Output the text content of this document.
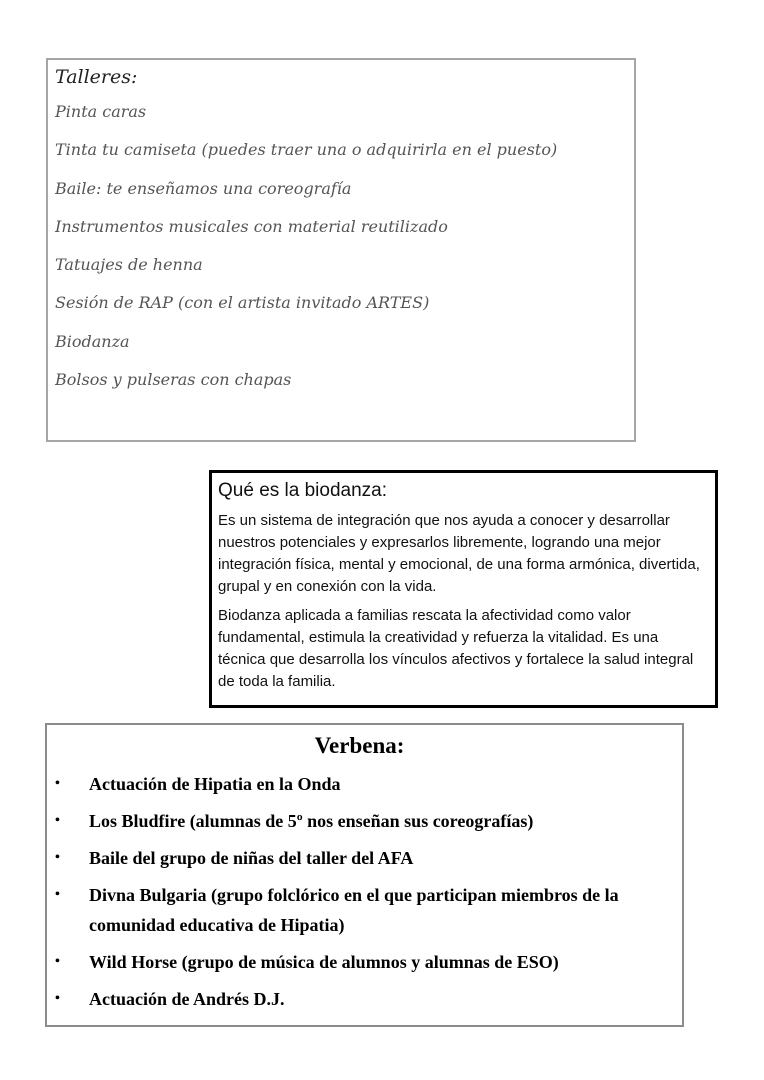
Talleres:
Pinta caras
Tinta tu camiseta (puedes traer una o adquirirla en el puesto)
Baile: te enseñamos una coreografía
Instrumentos musicales con material reutilizado
Tatuajes de henna
Sesión de RAP (con el artista invitado ARTES)
Biodanza
Bolsos y pulseras con chapas
Qué es la biodanza:

Es un sistema de integración que nos ayuda a conocer y desarrollar nuestros potenciales y expresarlos libremente, logrando una mejor integración física, mental y emocional, de una forma armónica, divertida, grupal y en conexión con la vida.

Biodanza aplicada a familias rescata la afectividad como valor fundamental, estimula la creatividad y refuerza la vitalidad. Es una técnica que desarrolla los vínculos afectivos y fortalece la salud integral de toda la familia.

Verbena:
• Actuación de Hipatia en la Onda
• Los Bludfire (alumnas de 5º nos enseñan sus coreografías)
• Baile del grupo de niñas del taller del AFA
• Divna Bulgaria (grupo folclórico en el que participan miembros de la comunidad educativa de Hipatia)
• Wild Horse (grupo de música de alumnos y alumnas de ESO)
• Actuación de Andrés D.J.
